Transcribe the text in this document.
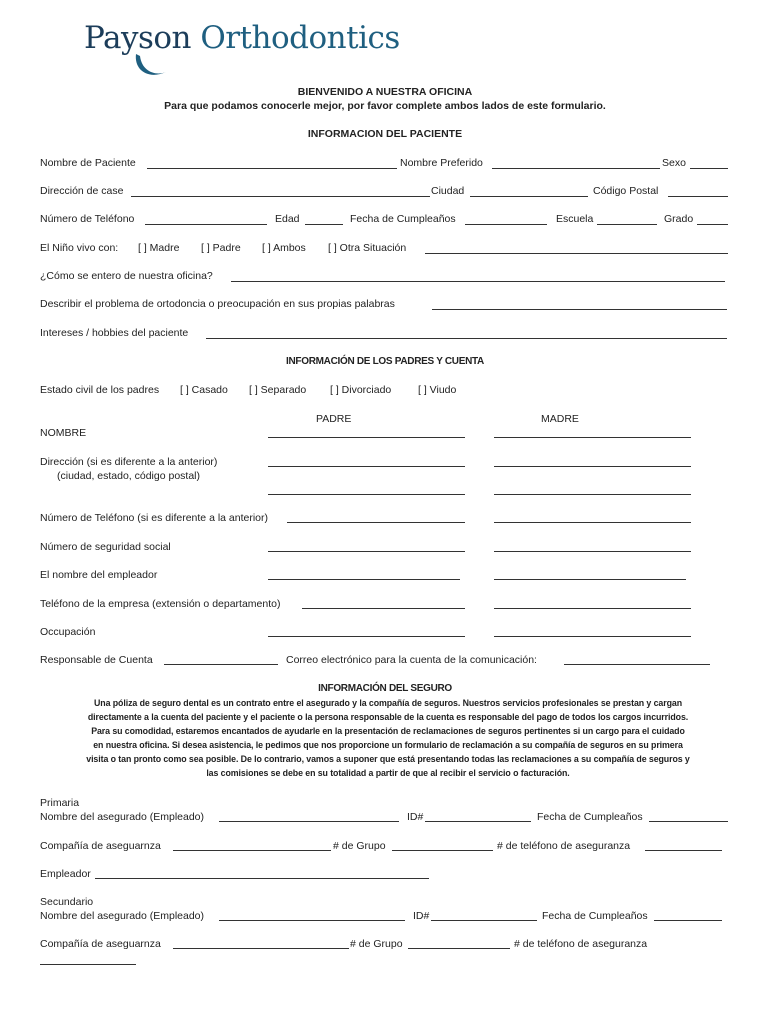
Payson Orthodontics
BIENVENIDO A NUESTRA OFICINA
Para que podamos conocerle mejor, por favor complete ambos lados de este formulario.
INFORMACION DEL PACIENTE
Nombre de Paciente	Nombre Preferido	Sexo
Dirección de case	Ciudad	Código Postal
Número de Teléfono	Edad	Fecha de Cumpleaños	Escuela	Grado
El Niño vivo con: [ ] Madre [ ] Padre [ ] Ambos [ ] Otra Situación
¿Cómo se entero de nuestra oficina?
Describir el problema de ortodoncia o preocupación en sus propias palabras
Intereses / hobbies del paciente
INFORMACIÓN DE LOS PADRES Y CUENTA
Estado civil de los padres [ ] Casado [ ] Separado [ ] Divorciado	[ ] Viudo
PADRE	MADRE
NOMBRE
Dirección (si es diferente a la anterior)
(ciudad, estado, código postal)
Número de Teléfono (si es diferente a la anterior)
Número de seguridad social
El nombre del empleador
Teléfono de la empresa (extensión o departamento)
Occupación
Responsable de Cuenta	Correo electrónico para la cuenta de la comunicación:
INFORMACIÓN DEL SEGURO
Una póliza de seguro dental es un contrato entre el asegurado y la compañía de seguros. Nuestros servicios profesionales se prestan y cargan
directamente a la cuenta del paciente y el paciente o la persona responsable de la cuenta es responsable del pago de todos los cargos incurridos.
Para su comodidad, estaremos encantados de ayudarle en la presentación de reclamaciones de seguros pertinentes si un cargo para el cuidado
en nuestra oficina. Si desea asistencia, le pedimos que nos proporcione un formulario de reclamación a su compañía de seguros en su primera
visita o tan pronto como sea posible. De lo contrario, vamos a suponer que está presentando todas las reclamaciones a su compañía de seguros y
las comisiones se debe en su totalidad a partir de que al recibir el servicio o facturación.
Primaria
Nombre del asegurado (Empleado)	ID#	Fecha de Cumpleaños
Compañía de aseguarnza	# de Grupo	# de teléfono de aseguranza
Empleador
Secundario
Nombre del asegurado (Empleado)	ID#	Fecha de Cumpleaños
Compañía de aseguarnza	# de Grupo	# de teléfono de aseguranza
